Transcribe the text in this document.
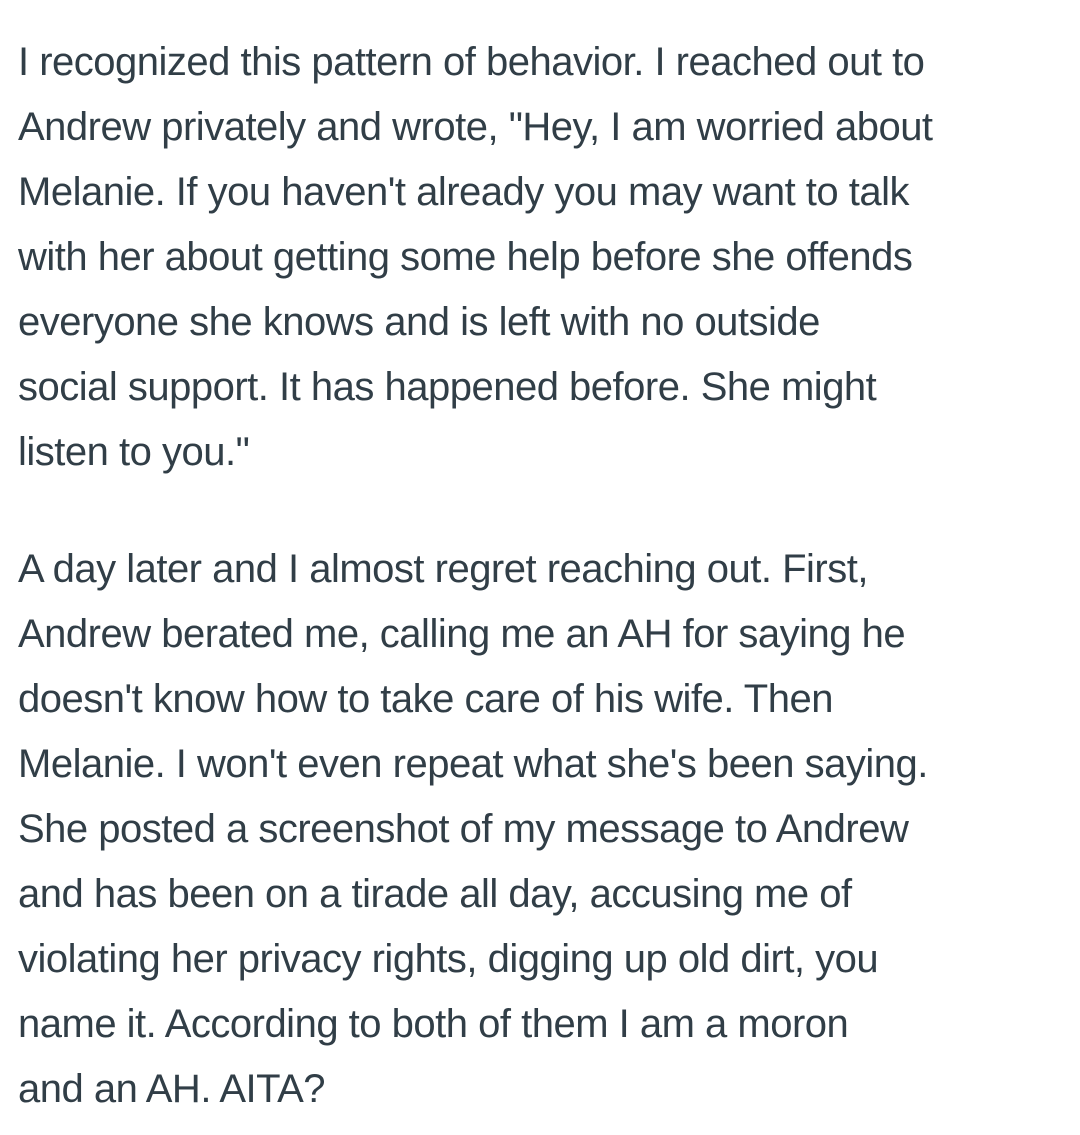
I recognized this pattern of behavior. I reached out to
Andrew privately and wrote, "Hey, I am worried about
Melanie. If you haven't already you may want to talk
with her about getting some help before she offends
everyone she knows and is left with no outside
social support. It has happened before. She might
listen to you."
A day later and I almost regret reaching out. First,
Andrew berated me, calling me an AH for saying he
doesn't know how to take care of his wife. Then
Melanie. I won't even repeat what she's been saying.
She posted a screenshot of my message to Andrew
and has been on a tirade all day, accusing me of
violating her privacy rights, digging up old dirt, you
name it. According to both of them I am a moron
and an AH. AITA?
